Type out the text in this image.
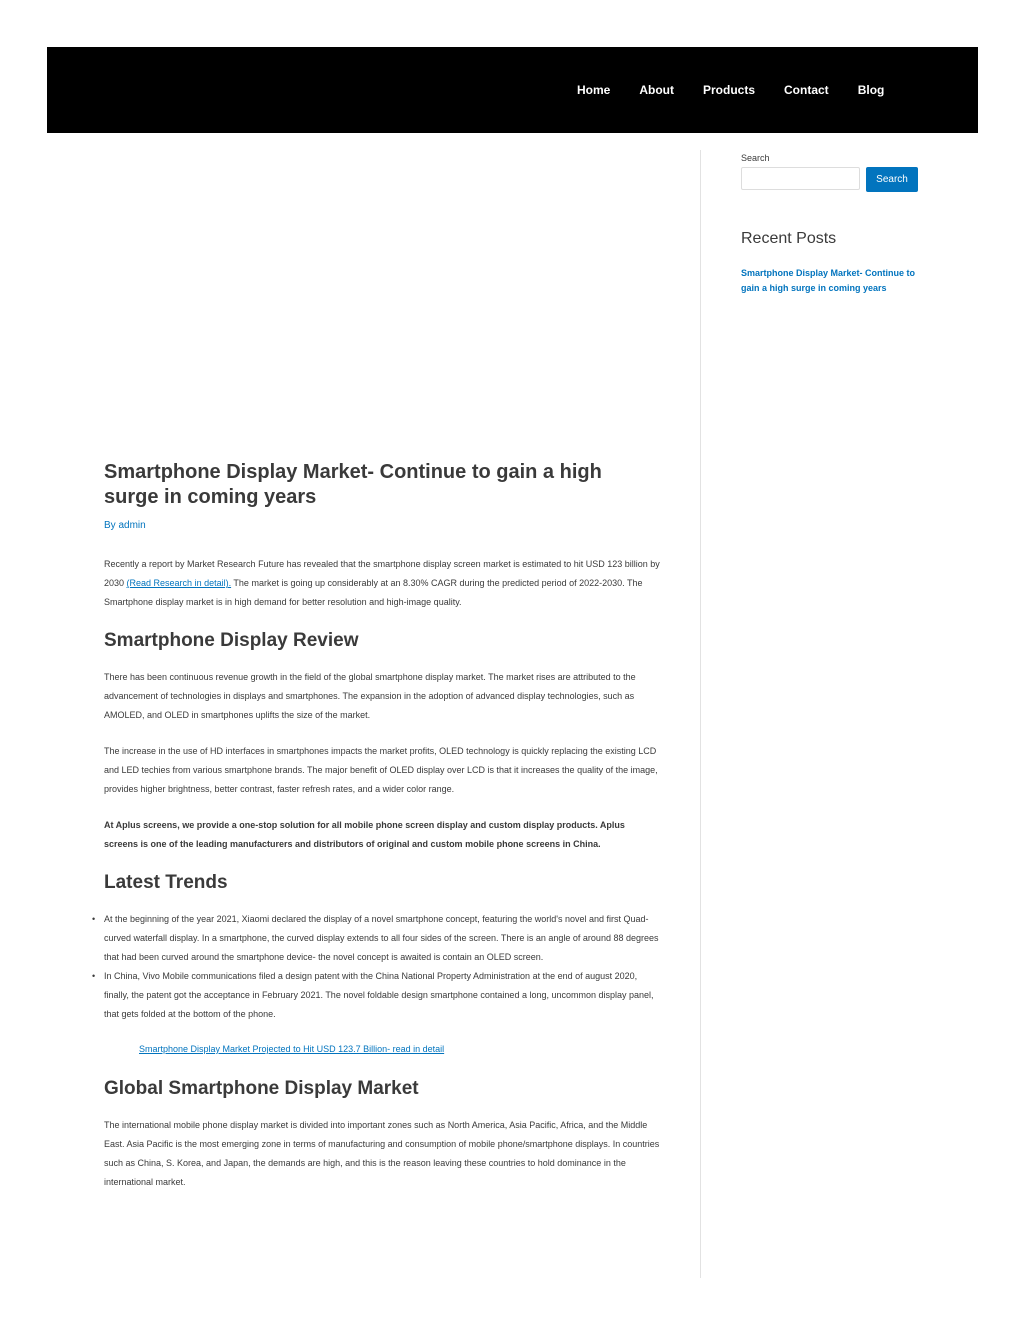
Home About Products Contact Blog
Smartphone Display Market- Continue to gain a high surge in coming years
By admin

Recently a report by Market Research Future has revealed that the smartphone display screen market is estimated to hit USD 123 billion by 2030 (Read Research in detail). The market is going up considerably at an 8.30% CAGR during the predicted period of 2022-2030. The Smartphone display market is in high demand for better resolution and high-image quality.

Smartphone Display Review

There has been continuous revenue growth in the field of the global smartphone display market. The market rises are attributed to the advancement of technologies in displays and smartphones. The expansion in the adoption of advanced display technologies, such as AMOLED, and OLED in smartphones uplifts the size of the market.

The increase in the use of HD interfaces in smartphones impacts the market profits, OLED technology is quickly replacing the existing LCD and LED techies from various smartphone brands. The major benefit of OLED display over LCD is that it increases the quality of the image, provides higher brightness, better contrast, faster refresh rates, and a wider color range.

At Aplus screens, we provide a one-stop solution for all mobile phone screen display and custom display products. Aplus screens is one of the leading manufacturers and distributors of original and custom mobile phone screens in China.

Latest Trends
• At the beginning of the year 2021, Xiaomi declared the display of a novel smartphone concept, featuring the world's novel and first Quad-curved waterfall display. In a smartphone, the curved display extends to all four sides of the screen. There is an angle of around 88 degrees that had been curved around the smartphone device- the novel concept is awaited is contain an OLED screen.
• In China, Vivo Mobile communications filed a design patent with the China National Property Administration at the end of august 2020, finally, the patent got the acceptance in February 2021. The novel foldable design smartphone contained a long, uncommon display panel, that gets folded at the bottom of the phone.
Smartphone Display Market Projected to Hit USD 123.7 Billion- read in detail
Global Smartphone Display Market

The international mobile phone display market is divided into important zones such as North America, Asia Pacific, Africa, and the Middle East. Asia Pacific is the most emerging zone in terms of manufacturing and consumption of mobile phone/smartphone displays. In countries such as China, S. Korea, and Japan, the demands are high, and this is the reason leaving these countries to hold dominance in the international market.

Search
Search
Recent Posts
Smartphone Display Market- Continue to gain a high surge in coming years
